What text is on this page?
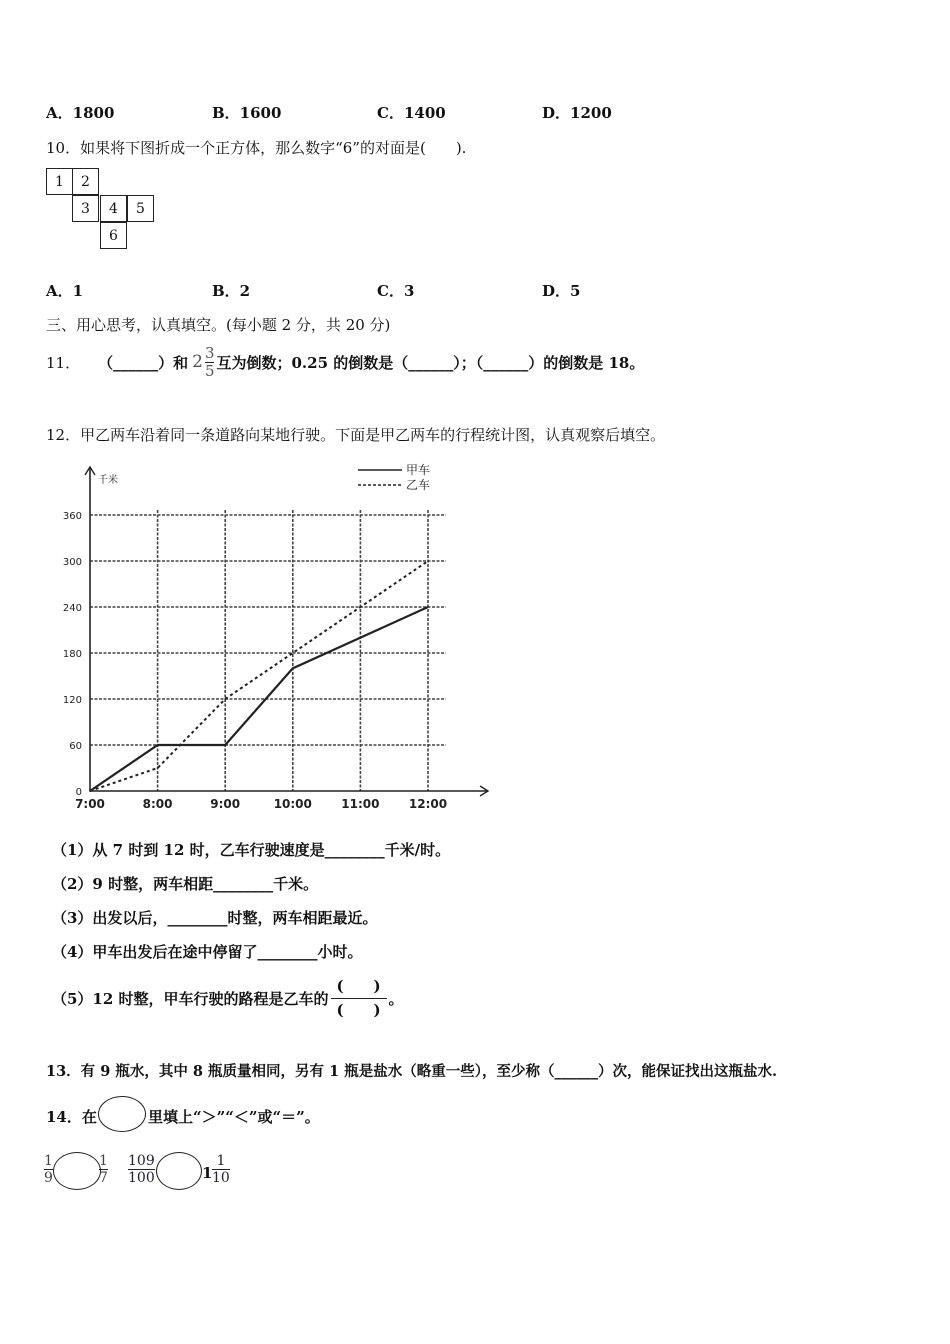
A．1800	B．1600	C．1400	D．1200
10．如果将下图折成一个正方体，那么数字“6”的对面是(　　).
1	2
3	4	5
6
A．1	B．2	C．3	D．5
三、用心思考，认真填空。(每小题 2 分，共 20 分)
11． （______）和 $2 \frac{3}{5}$ 互为倒数；0.25 的倒数是（______）；（______）的倒数是 18。
12．甲乙两车沿着同一条道路向某地行驶。下面是甲乙两车的行程统计图，认真观察后填空。
0
60
120
180
240
300
360
7:00	8:00	9:00	10:00 11:00 12:00
千米
甲车
乙车
（1）从 7 时到 12 时，乙车行驶速度是________千米/时。
（2）9 时整，两车相距________千米。
（3）出发以后，________时整，两车相距最近。
（4）甲车出发后在途中停留了________小时。
（5）12 时整，甲车行驶的路程是乙车的 $\frac{( )}{( )}$ 。
13．有 9 瓶水，其中 8 瓶质量相同，另有 1 瓶是盐水（略重一些），至少称（______）次，能保证找出这瓶盐水.
14．在	里填上“＞”“＜”或“＝”。
1
9
1
7
109
100	1
1
10
